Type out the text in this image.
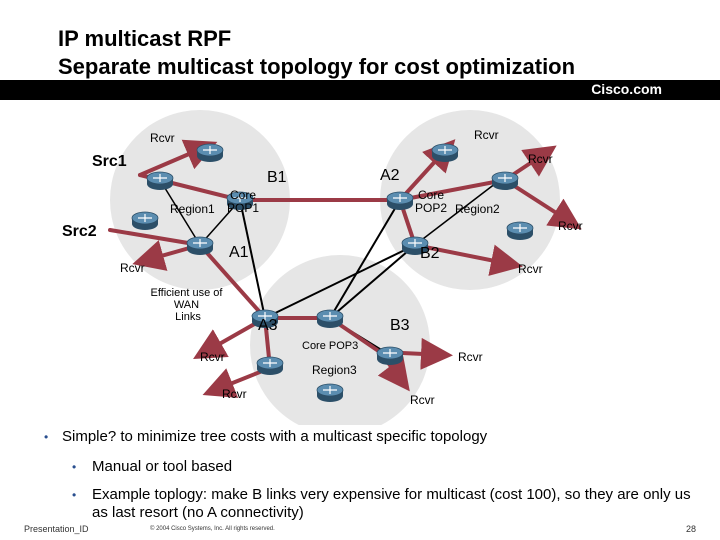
IP multicast RPF
Separate multicast topology for cost optimization
Cisco.com
Src1
Src2
B1	A2
A1	B2
A3	B3
Region1	Region2
Region3
Core POP3
Core POP1
Core POP2
Efficient use of WAN Links
Rcvr	Rcvr
Rcvr
Rcvr
Rcvr
Rcvr
Rcvr	Rcvr
Rcvr	Rcvr
• Simple? to minimize tree costs with a multicast specific topology
• Manual or tool based
• Example toplogy: make B links very expensive for multicast (cost 100), so they are only us as last resort (no A connectivity)
Presentation_ID	© 2004 Cisco Systems, Inc. All rights reserved.	28
